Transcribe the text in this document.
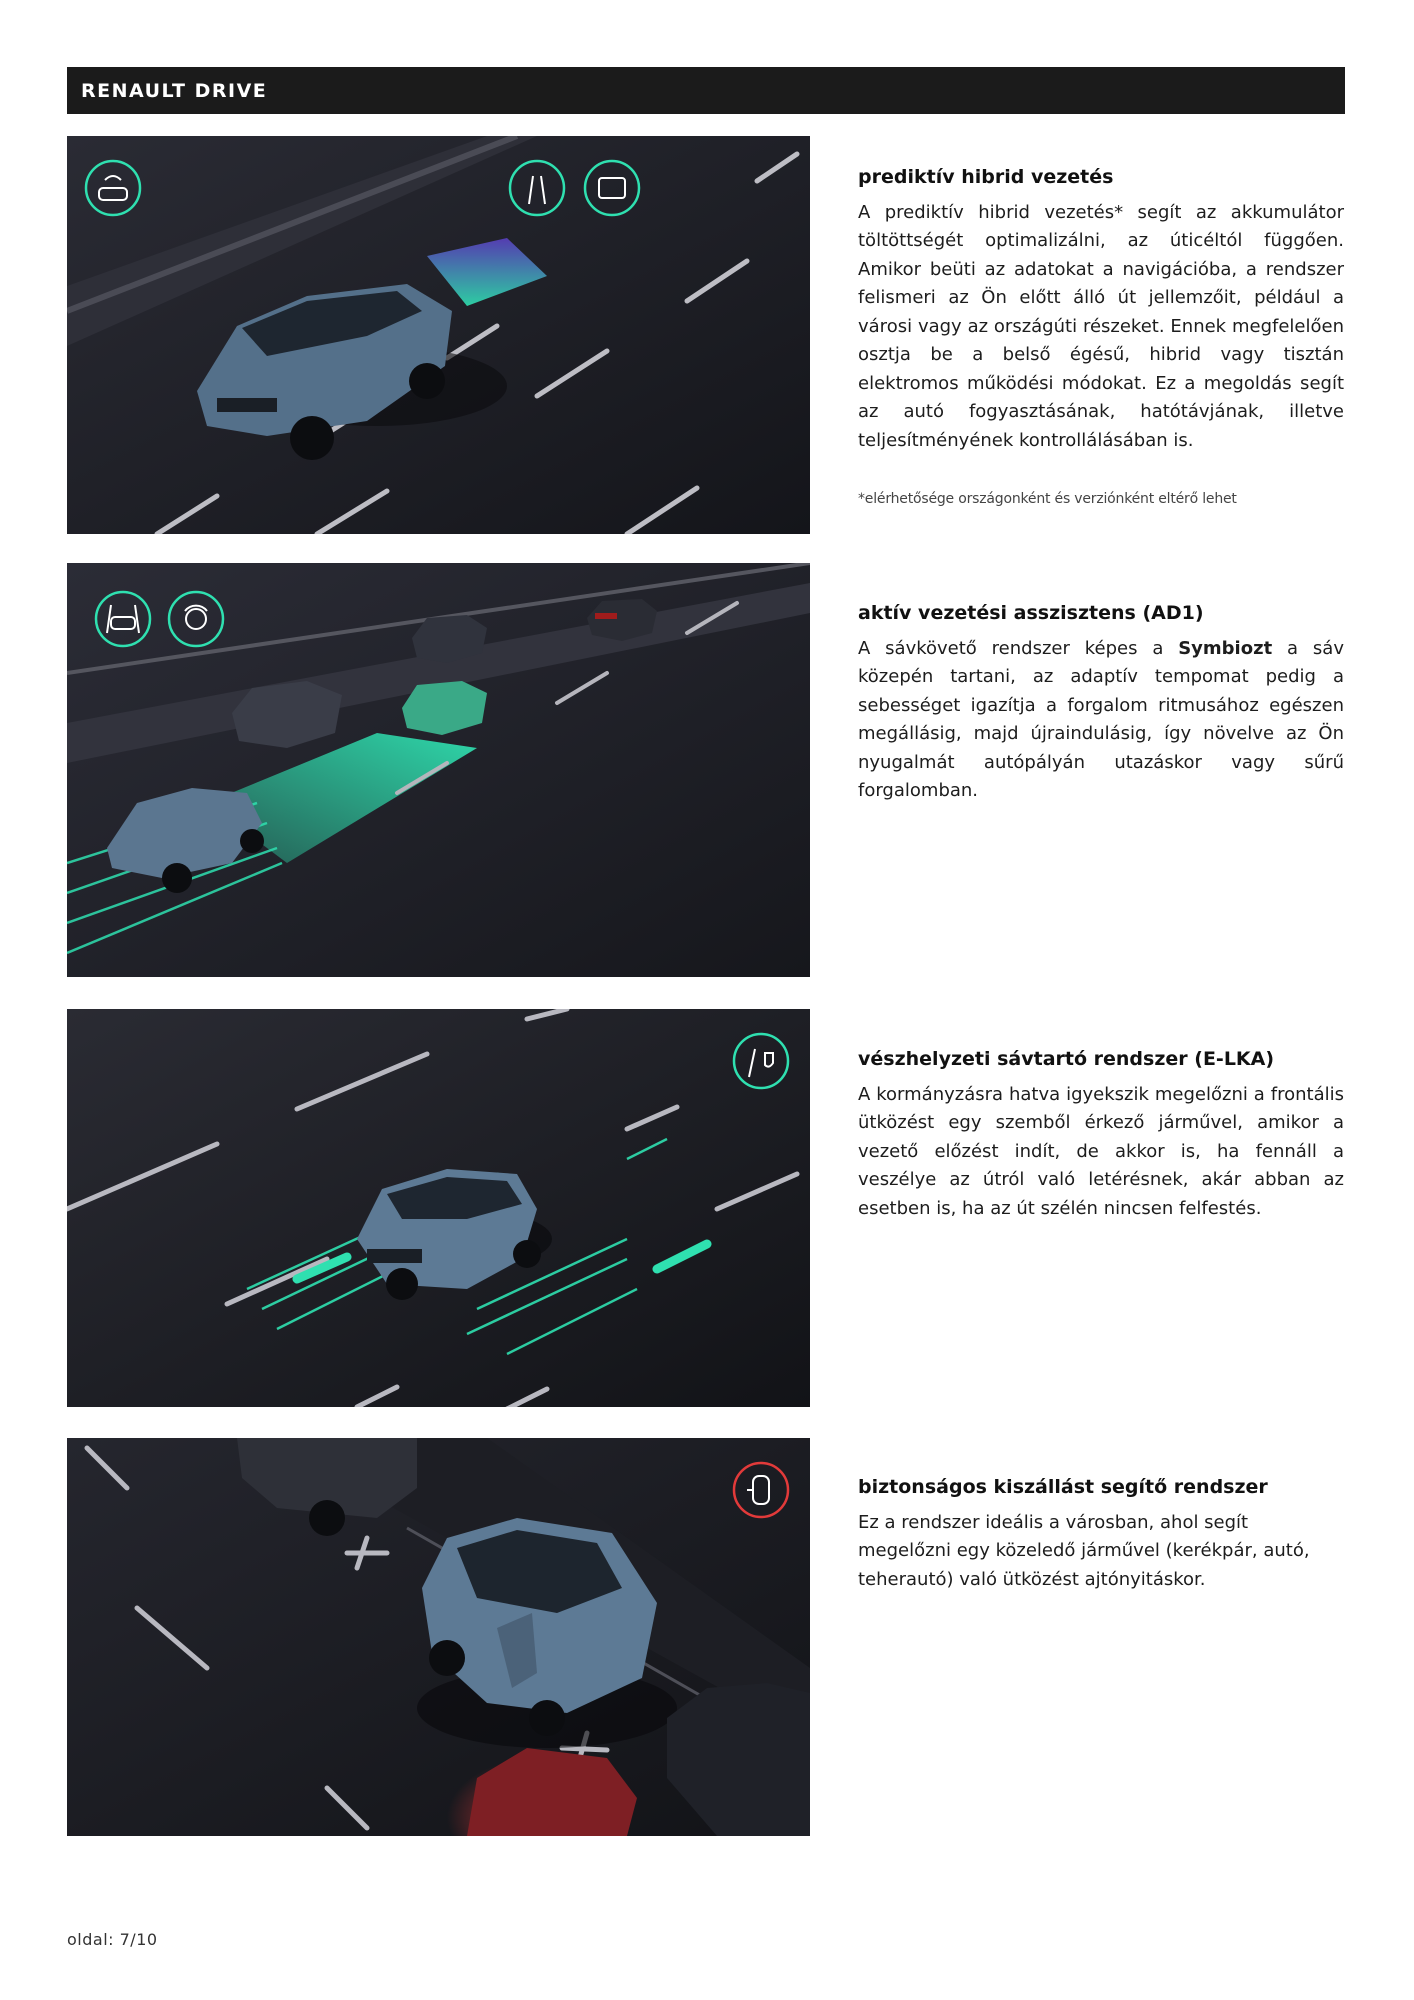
RENAULT DRIVE
prediktív hibrid vezetés

A prediktív hibrid vezetés* segít az akkumulátor töltöttségét optimalizálni, az úticéltól függően. Amikor beüti az adatokat a navigációba, a rendszer felismeri az Ön előtt álló út jellemzőit, például a városi vagy az országúti részeket. Ennek megfelelően osztja be a belső égésű, hibrid vagy tisztán elektromos működési módokat. Ez a megoldás segít az autó fogyasztásának, hatótávjának, illetve teljesítményének kontrollálásában is.

*elérhetősége országonként és verziónként eltérő lehet
aktív vezetési asszisztens (AD1)

A sávkövető rendszer képes a Symbiozt a sáv közepén tartani, az adaptív tempomat pedig a sebességet igazítja a forgalom ritmusához egészen megállásig, majd újraindulásig, így növelve az Ön nyugalmát autópályán utazáskor vagy sűrű forgalomban.

vészhelyzeti sávtartó rendszer (E-LKA)

A kormányzásra hatva igyekszik megelőzni a frontális ütközést egy szemből érkező járművel, amikor a vezető előzést indít, de akkor is, ha fennáll a veszélye az útról való letérésnek, akár abban az esetben is, ha az út szélén nincsen felfestés.

biztonságos kiszállást segítő rendszer

Ez a rendszer ideális a városban, ahol segít megelőzni egy közeledő járművel (kerékpár, autó, teherautó) való ütközést ajtónyitáskor.

oldal: 7/10
